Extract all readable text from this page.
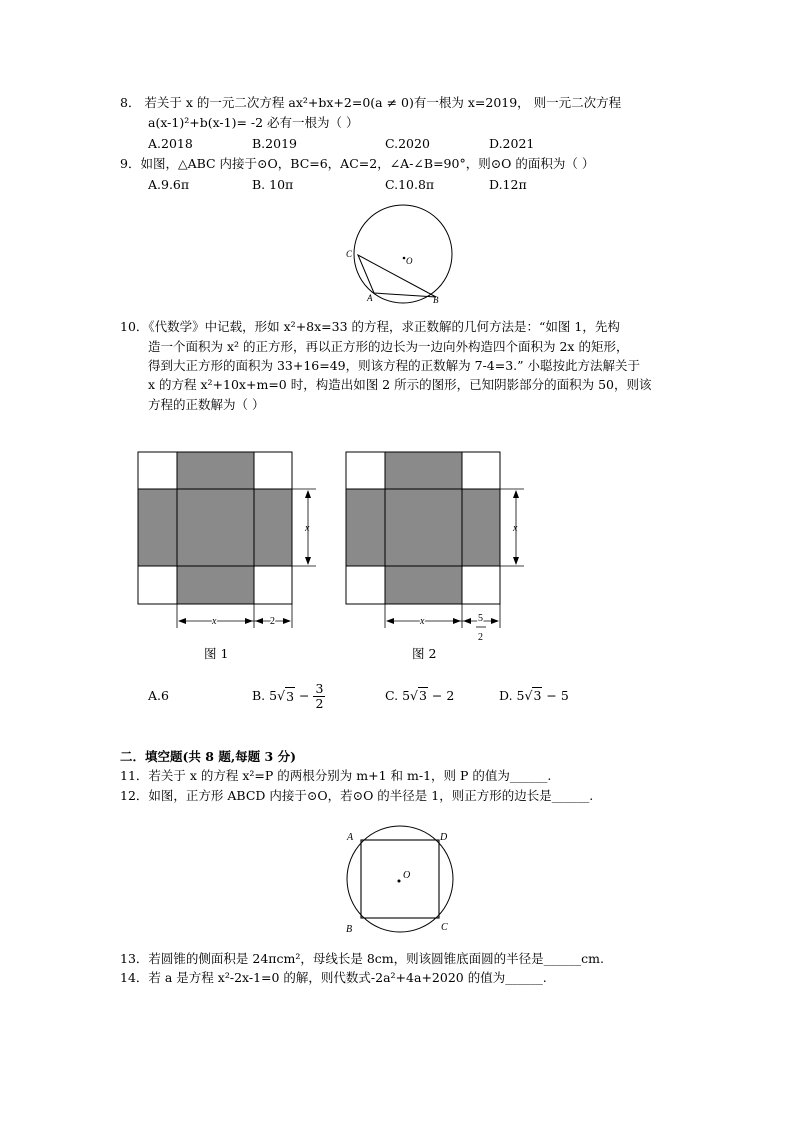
8． 若关于 x 的一元二次方程 ax²+bx+2=0(a ≠ 0)有一根为 x=2019， 则一元二次方程
a(x-1)²+b(x-1)= -2 必有一根为（ ）
A.2018	B.2019	C.2020	D.2021
9．如图，△ABC 内接于⊙O，BC=6，AC=2，∠A-∠B=90°，则⊙O 的面积为（ ）
A.9.6π	B. 10π	C.10.8π	D.12π
C
O
A	B
10．《代数学》中记载，形如 x²+8x=33 的方程，求正数解的几何方法是：“如图 1，先构
造一个面积为 x² 的正方形，再以正方形的边长为一边向外构造四个面积为 2x 的矩形，
得到大正方形的面积为 33+16=49，则该方程的正数解为 7-4=3.” 小聪按此方法解关于
x 的方程 x²+10x+m=0 时，构造出如图 2 所示的图形，已知阴影部分的面积为 50，则该
方程的正数解为（ ）
x
x	2
图 1
x
x	5
2
图 2
A.6	B. 5 √ $3 - \frac{3}{2}$	C. 5√3 − 2	D. 5√3 − 5
二．填空题(共 8 题,每题 3 分)
11．若关于 x 的方程 x²=P 的两根分别为 m+1 和 m-1，则 P 的值为______.
12．如图，正方形 ABCD 内接于⊙O，若⊙O 的半径是 1，则正方形的边长是______.
A	D
O
B	C
13．若圆锥的侧面积是 24πcm²，母线长是 8cm，则该圆锥底面圆的半径是______cm.
14．若 a 是方程 x²-2x-1=0 的解，则代数式-2a²+4a+2020 的值为______.
